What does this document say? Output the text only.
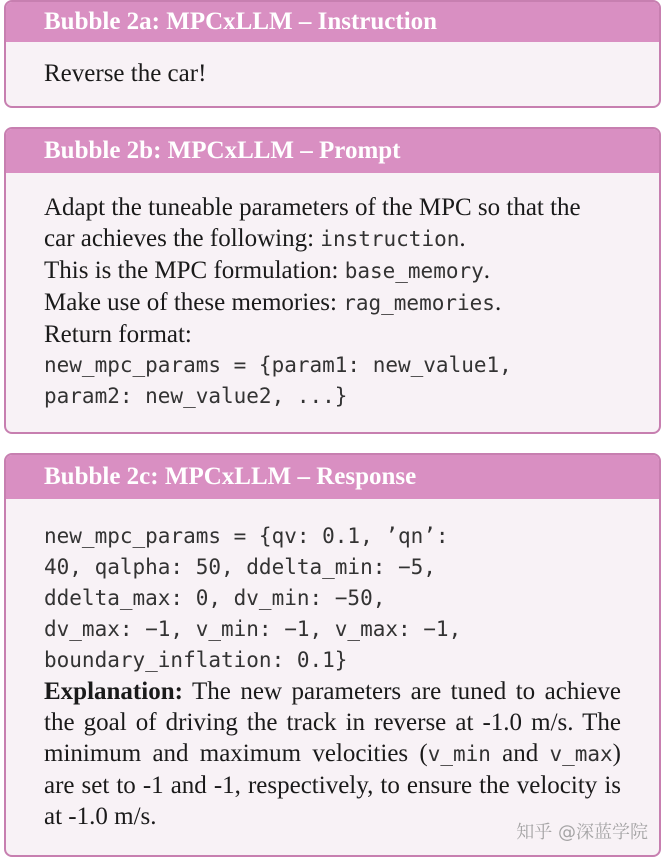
Bubble 2a: MPCxLLM – Instruction
Reverse the car!
Bubble 2b: MPCxLLM – Prompt
Adapt the tuneable parameters of the MPC so that the
car achieves the following: instruction.
This is the MPC formulation: base_memory.
Make use of these memories: rag_memories.
Return format:
new_mpc_params = {param1: new_value1,
param2: new_value2, ...}
Bubble 2c: MPCxLLM – Response
new_mpc_params = {qv: 0.1, ’qn’:
40, qalpha: 50, ddelta_min: −5,
ddelta_max: 0, dv_min: −50,
dv_max: −1, v_min: −1, v_max: −1,
boundary_inflation: 0.1}
Explanation: The new parameters are tuned to achieve the goal of driving the track in reverse at -1.0 m/s. The minimum and maximum velocities (v_min and v_max) are set to -1 and -1, respectively, to ensure the velocity is at -1.0 m/s.
知乎 @深蓝学院
